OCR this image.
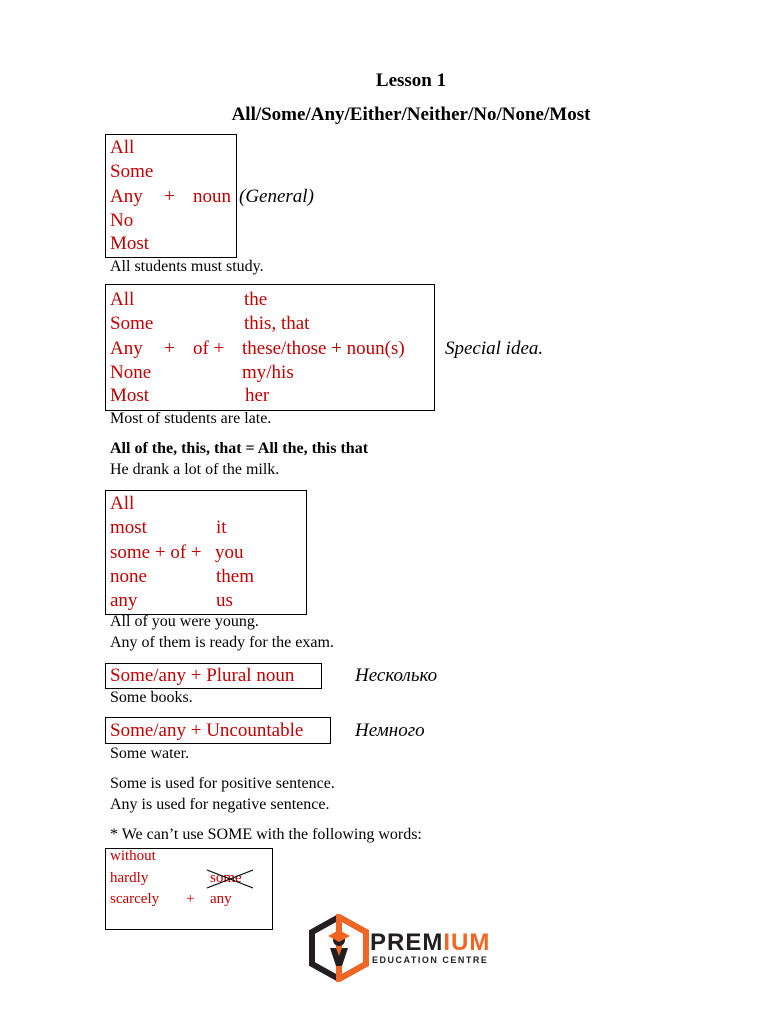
Lesson 1
All/Some/Any/Either/Neither/No/None/Most
All
Some
Any + noun
No
Most
(General)
All students must study.
All
Some
Any + of +
None
Most
the
this, that
these/those + noun(s)
my/his
her
Special idea.
Most of students are late.
All of the, this, that = All the, this that
He drank a lot of the milk.
All
most
some + of +
none
any
it
you
them
us
All of you were young.
Any of them is ready for the exam.
Some/any + Plural noun	Несколько
Some books.
Some/any + Uncountable	Немного
Some water.
Some is used for positive sentence.
Any is used for negative sentence.
* We can’t use SOME with the following words:
without
hardly
scarcely +
some
any
PREMIUM
EDUCATION CENTRE
